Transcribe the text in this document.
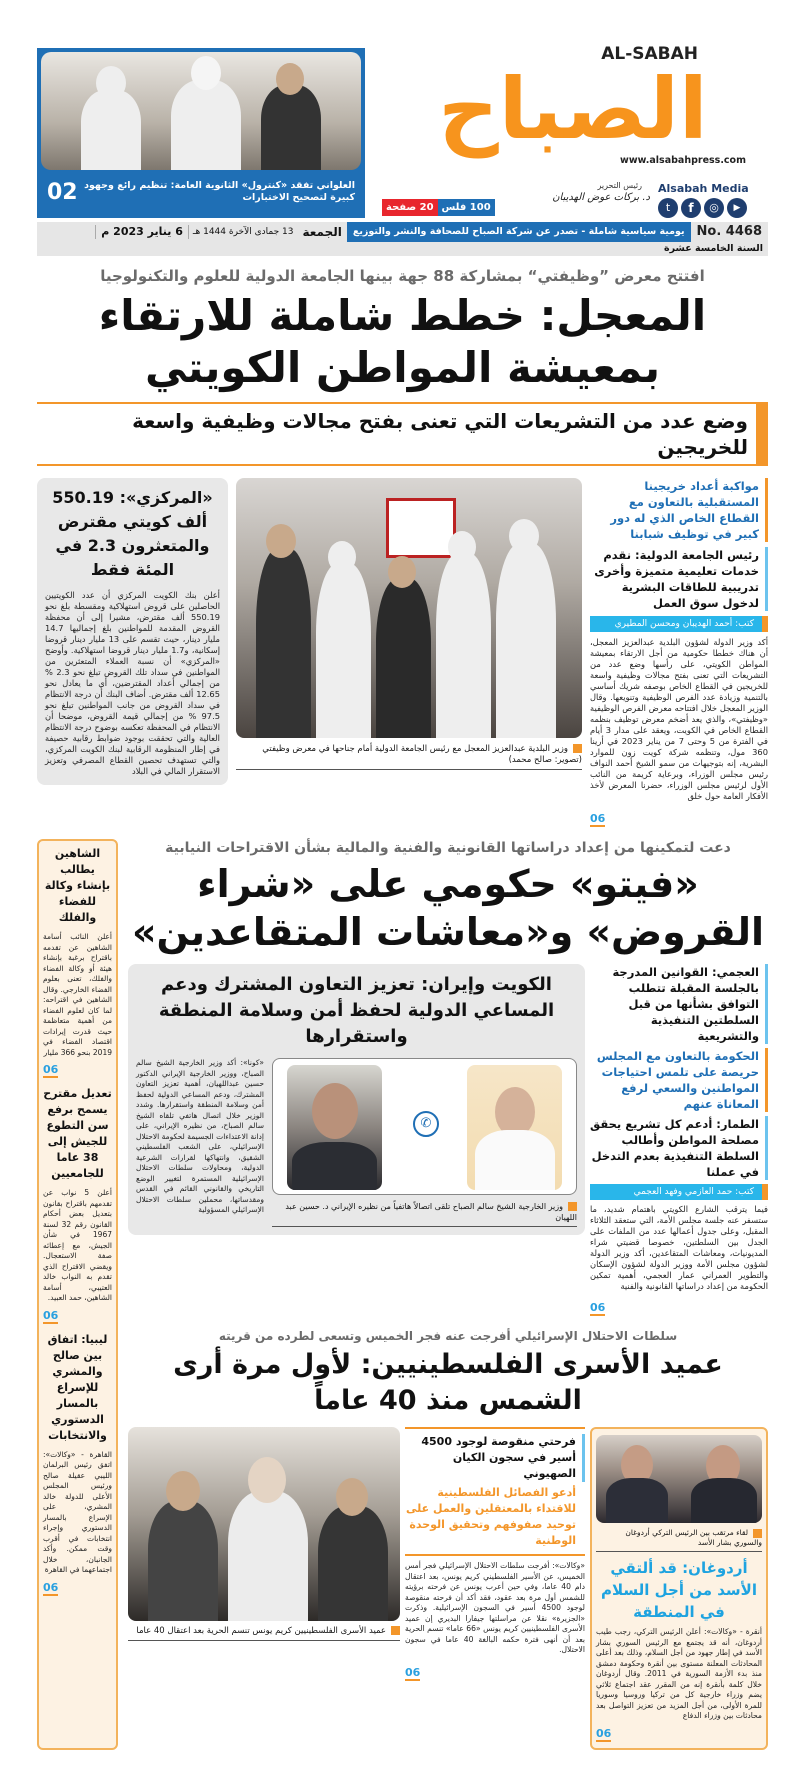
العلواني تفقد «كنترول» الثانوية العامة: تنظيم رائع وجهود كبيرة لتصحيح الاختبارات
02
AL-SABAH
الصباح
www.alsabahpress.com
Alsabah Media
t	f	◎	▶
رئيس التحرير
د. بركات عوض الهديبان
100 فلس
20 صفحة
No. 4468
يومية سياسية شاملة - تصدر عن شركة الصباح للصحافة والنشر والتوزيع
الجمعة
13 جمادى الآخرة 1444 هـ
6 يناير 2023 م
السنة الخامسة عشرة
افتتح معرض ”وظيفتي“ بمشاركة 88 جهة بينها الجامعة الدولية للعلوم والتكنولوجيا
المعجل: خطط شاملة للارتقاء بمعيشة المواطن الكويتي
وضع عدد من التشريعات التي تعنى بفتح مجالات وظيفية واسعة للخريجين
«المركزي»: 550.19 ألف كويتي مقترض والمتعثرون 2.3 في المئة فقط
أعلن بنك الكويت المركزي أن عدد الكويتيين الحاصلين على قروض استهلاكية ومقسطة بلغ نحو 550.19 ألف مقترض، مشيرا إلى أن محفظة القروض المقدمة للمواطنين بلغ إجماليها 14.7 مليار دينار، حيث تقسم على 13 مليار دينار قروضا إسكانية، و1.7 مليار دينار قروضا استهلاكية. وأوضح «المركزي» أن نسبة العملاء المتعثرين من المواطنين في سداد تلك القروض تبلغ نحو 2.3 % من إجمالي أعداد المقترضين، أي ما يعادل نحو 12.65 ألف مقترض. أضاف البنك أن درجة الانتظام في سداد القروض من جانب المواطنين تبلغ نحو 97.5 % من إجمالي قيمة القروض، موضحا أن الانتظام في المحفظة تعكسه بوضوح درجة الانتظام العالية والتي تحققت بوجود ضوابط رقابية حصيفة في إطار المنظومة الرقابية لبنك الكويت المركزي، والتي تستهدف تحصين القطاع المصرفي وتعزيز الاستقرار المالي في البلاد
وزير البلدية عبدالعزيز المعجل مع رئيس الجامعة الدولية أمام جناحها في معرض وظيفتي (تصوير: صالح محمد)
مواكبة أعداد خريجينا المستقبلية بالتعاون مع القطاع الخاص الذي له دور كبير في توظيف شبابنا
رئيس الجامعة الدولية: نقدم خدمات تعليمية متميزة وأخرى تدريبية للطاقات البشرية لدخول سوق العمل
كتب: أحمد الهديبان ومحسن المطيري
أكد وزير الدولة لشؤون البلدية عبدالعزيز المعجل، أن هناك خططا حكومية من أجل الارتقاء بمعيشة المواطن الكويتي، على رأسها وضع عدد من التشريعات التي تعنى بفتح مجالات وظيفية واسعة للخريجين في القطاع الخاص بوصفه شريك أساسي بالتنمية وزيادة عدد الفرص الوظيفية وتنويعها. وقال الوزير المعجل خلال افتتاحه معرض الفرص الوظيفية «وظيفتي»، والذي يعد أضخم معرض توظيف بنظمه القطاع الخاص في الكويت، ويعقد على مدار 3 أيام في الفترة من 5 وحتى 7 من يناير 2023 في أرينا 360 مول، وتنظمه شركة كويت زون للموارد البشرية، إنه بتوجيهات من سمو الشيخ أحمد النواف رئيس مجلس الوزراء، وبرعاية كريمة من النائب الأول لرئيس مجلس الوزراء، حضرنا المعرض لأخذ الأفكار العامة حول خلق
06
الشاهين يطالب بإنشاء وكالة للفضاء والفلك
أعلن النائب أسامة الشاهين عن تقدمه باقتراح برغبة بإنشاء هيئة أو وكالة الفضاء والفلك، تعنى بعلوم الفضاء الخارجي. وقال الشاهين في اقتراحه: لما كان لعلوم الفضاء من أهمية متعاظمة حيث قدرت إيرادات اقتصاد الفضاء في 2019 بنحو 366 مليار
06
تعديل مقترح يسمح برفع سن التطوع للجيش إلى 38 عاما للجامعيين
أعلن 5 نواب عن تقدمهم باقتراح بقانون بتعديل بعض أحكام القانون رقم 32 لسنة 1967 في شأن الجيش، مع إعطائه صفة الاستعجال. ويقضي الاقتراح الذي تقدم به النواب خالد العتيبي، أسامة الشاهين، حمد العبيد.
06
ليبيا: اتفاق بين صالح والمشري للإسراع بالمسار الدستوري والانتخابات
القاهرة - «وكالات»: اتفق رئيس البرلمان الليبي عقيلة صالح ورئيس المجلس الأعلى للدولة خالد المشري، على الإسراع بالمسار الدستوري وإجراء انتخابات في أقرب وقت ممكن. وأكد الجانبان، خلال اجتماعهما في القاهرة
06
دعت لتمكينها من إعداد دراساتها القانونية والفنية والمالية بشأن الاقتراحات النيابية
«فيتو» حكومي على «شراء القروض» و«معاشات المتقاعدين»
الكويت وإيران: تعزيز التعاون المشترك ودعم المساعي الدولية لحفظ أمن وسلامة المنطقة واستقرارها
«كونا»: أكد وزير الخارجية الشيخ سالم الصباح، ووزير الخارجية الإيراني الدكتور حسين عبداللهيان، أهمية تعزيز التعاون المشترك، ودعم المساعي الدولية لحفظ أمن وسلامة المنطقة واستقرارها. وشدد الوزير خلال اتصال هاتفي تلقاه الشيخ سالم الصباح، من نظيره الإيراني، على إدانة الاعتداءات الجسيمة لحكومة الاحتلال الإسرائيلي، على الشعب الفلسطيني الشقيق، وانتهاكها لقرارات الشرعية الدولية، ومحاولات سلطات الاحتلال الإسرائيلية المستمرة لتغيير الوضع التاريخي والقانوني القائم في القدس ومقدساتها، محملين سلطات الاحتلال الإسرائيلي المسؤولية
✆
وزير الخارجية الشيخ سالم الصباح تلقى اتصالاً هاتفياً من نظيره الإيراني د. حسين عبد اللهيان
العجمي: القوانين المدرجة بالجلسة المقبلة تتطلب التوافق بشأنها من قبل السلطتين التنفيذية والتشريعية
الحكومة بالتعاون مع المجلس حريصة على تلمس احتياجات المواطنين والسعي لرفع المعاناة عنهم
الطمار: أدعم كل تشريع يحقق مصلحة المواطن وأطالب السلطة التنفيذية بعدم التدخل في عملنا
كتب: حمد العازمي وفهد العجمي
فيما يترقب الشارع الكويتي باهتمام شديد، ما ستسفر عنه جلسة مجلس الأمة، التي ستعقد الثلاثاء المقبل، وعلى جدول أعمالها عدد من الملفات على الجدل بين السلطتين، خصوصا قضيتي شراء المديونيات، ومعاشات المتقاعدين، أكد وزير الدولة لشؤون مجلس الأمة ووزير الدولة لشؤون الإسكان والتطوير العمراني عمار العجمي، أهمية تمكين الحكومة من إعداد دراساتها القانونية والفنية
06
سلطات الاحتلال الإسرائيلي أفرجت عنه فجر الخميس وتسعى لطرده من قريته
عميد الأسرى الفلسطينيين: لأول مرة أرى الشمس منذ 40 عاماً
عميد الأسرى الفلسطينيين كريم يونس تنسم الحرية بعد اعتقال 40 عاما
فرحتي منقوصة لوجود 4500 أسير في سجون الكيان الصهيوني
أدعو الفصائل الفلسطينية للاقتداء بالمعتقلين والعمل على توحيد صفوفهم وتحقيق الوحدة الوطنية
«وكالات»: أفرجت سلطات الاحتلال الإسرائيلي فجر أمس الخميس، عن الأسير الفلسطيني كريم يونس، بعد اعتقال دام 40 عاما، وفي حين أعرب يونس عن فرحته برؤيته للشمس أول مرة بعد عقود، فقد أكد أن فرحته منقوصة لوجود 4500 أسير في السجون الإسرائيلية. وذكرت «الجزيرة» نقلا عن مراسلتها جيفارا البديري إن عميد الأسرى الفلسطينيين كريم يونس «66 عاما» تنسم الحرية بعد أن أنهى فترة حكمه البالغة 40 عاما في سجون الاحتلال.
06
لقاء مرتقب بين الرئيس التركي أردوغان والسوري بشار الأسد
أردوغان: قد ألتقي الأسد من أجل السلام في المنطقة
أنقرة - «وكالات»: أعلن الرئيس التركي، رجب طيب أردوغان، أنه قد يجتمع مع الرئيس السوري بشار الأسد في إطار جهود من أجل السلام، وذلك بعد أعلى المحادثات المعلنة مستوى بين أنقرة وحكومة دمشق منذ بدء الأزمة السورية في 2011. وقال أردوغان خلال كلمة بأنقرة إنه من المقرر عقد اجتماع ثلاثي يضم وزراء خارجية كل من تركيا وروسيا وسوريا للمرة الأولى، من أجل المزيد من تعزيز التواصل بعد محادثات بين وزراء الدفاع
06
